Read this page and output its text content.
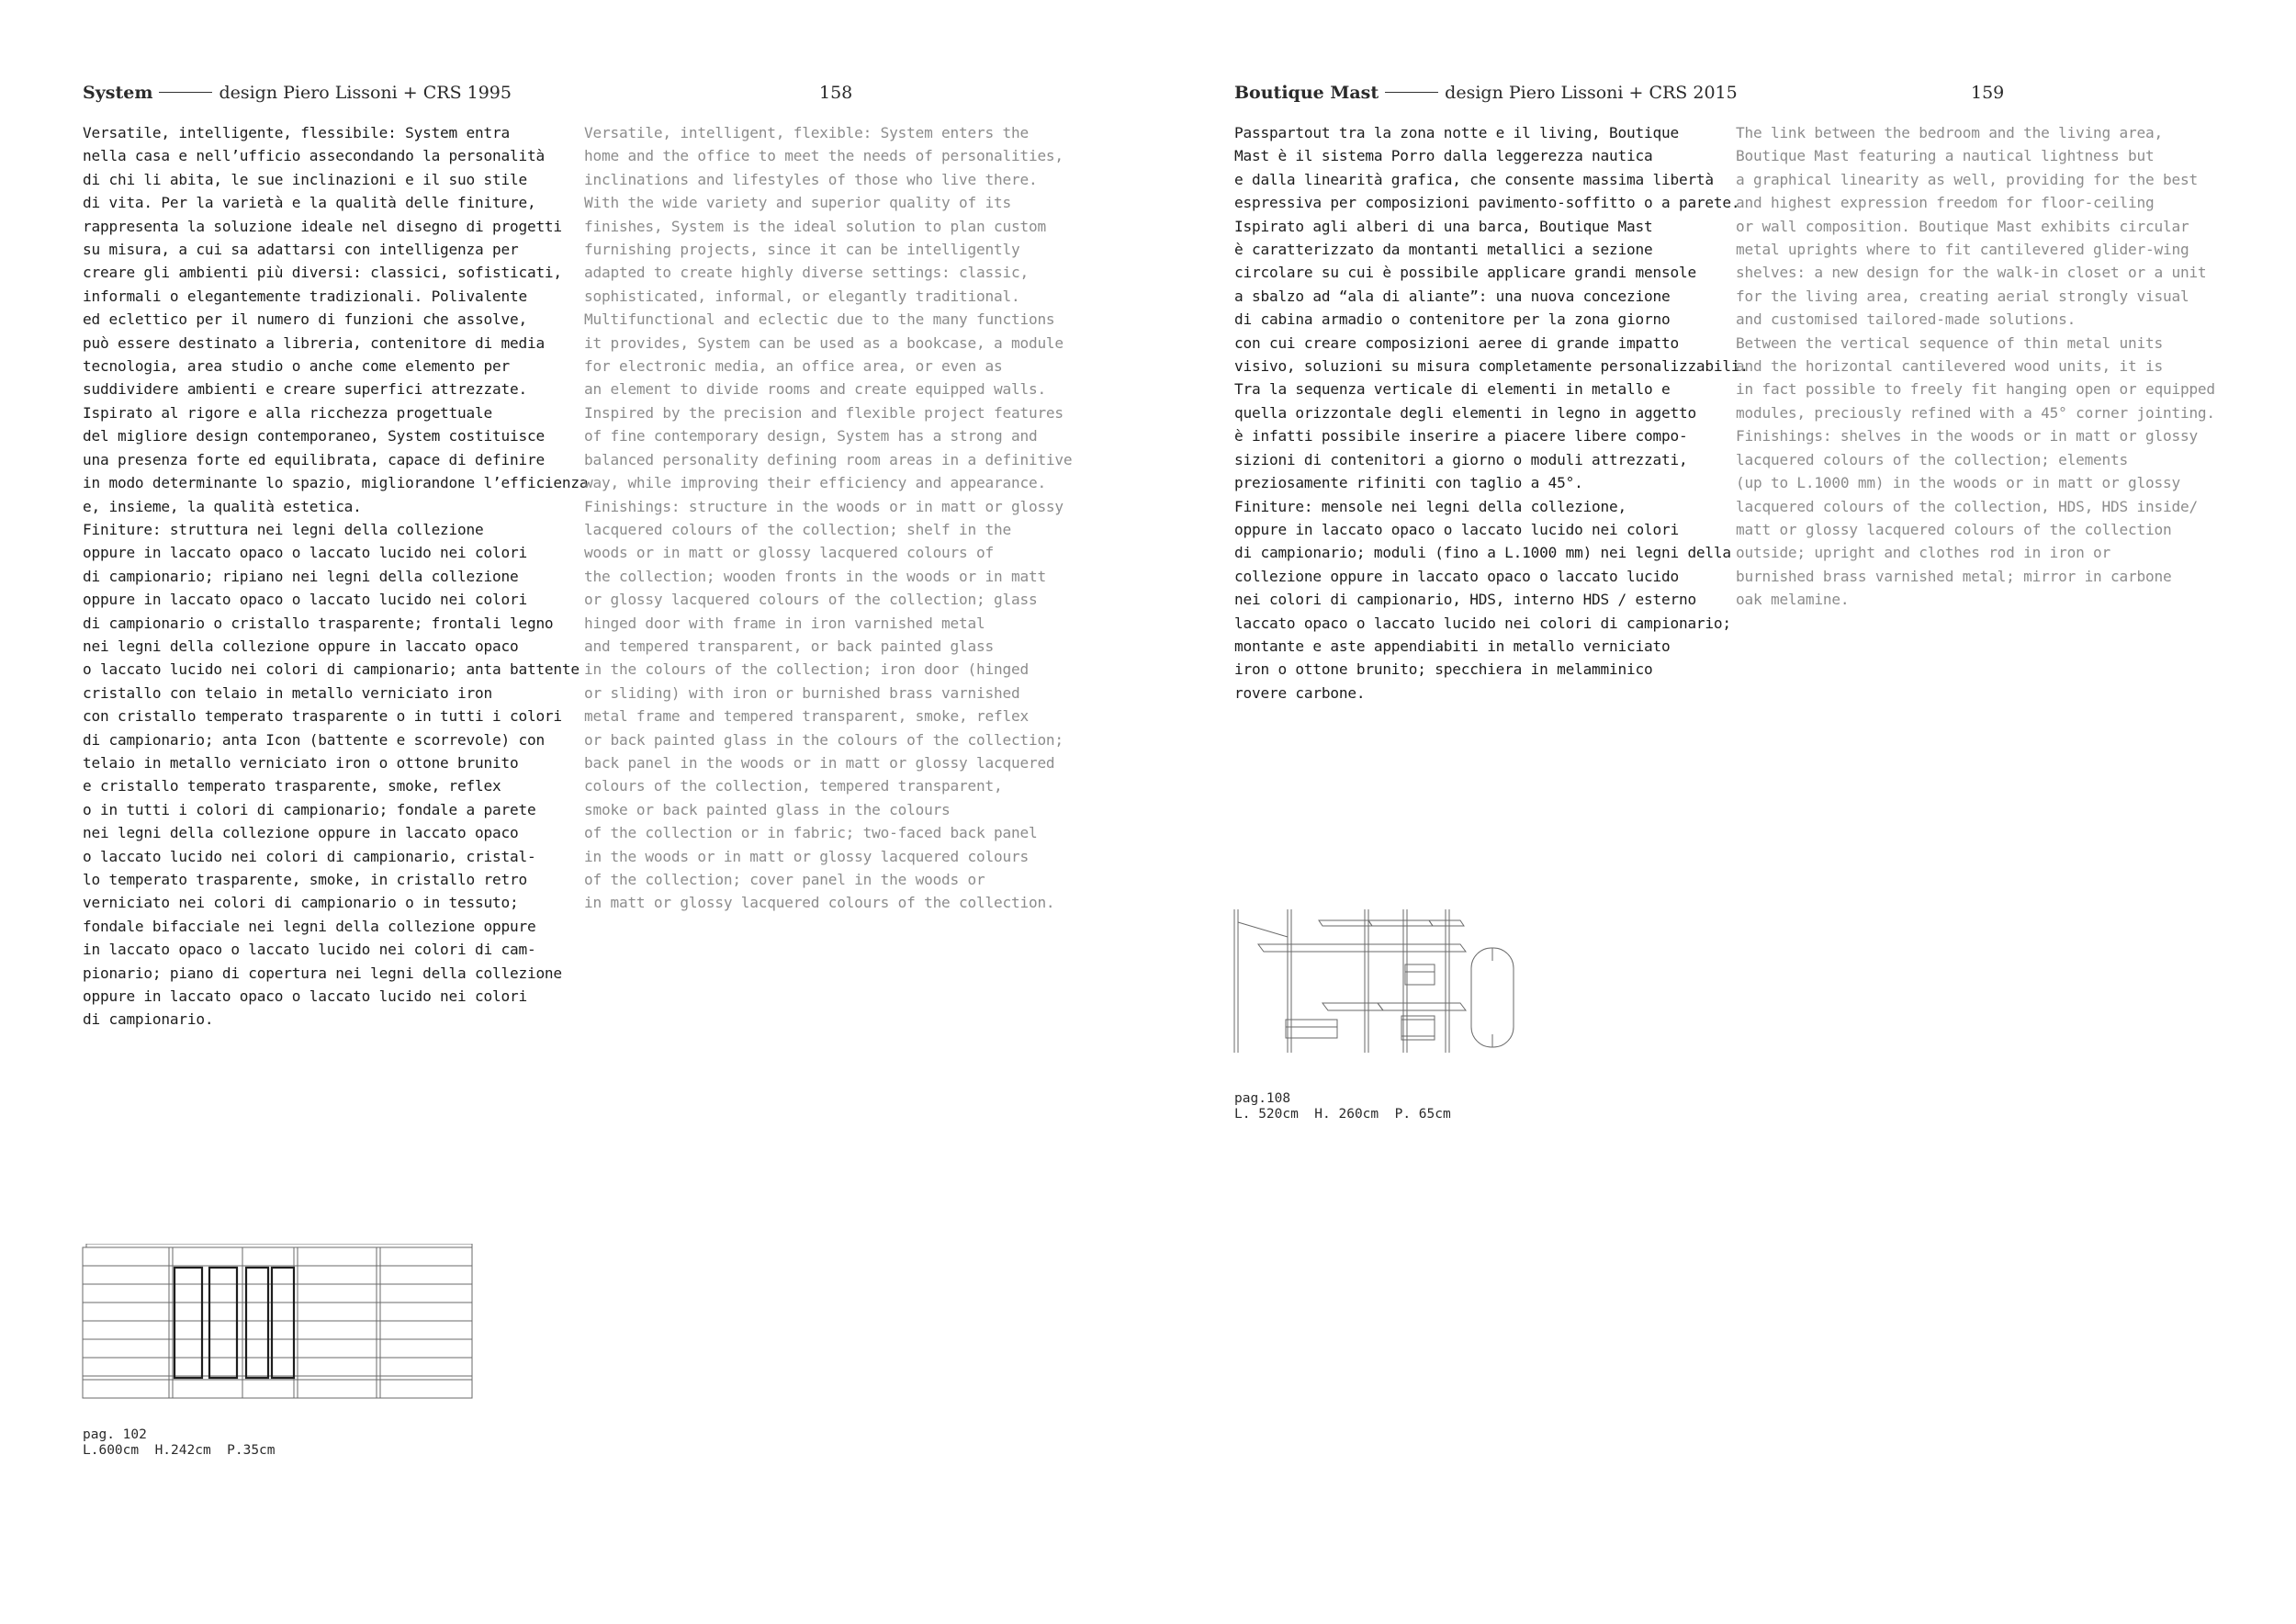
System	design Piero Lissoni + CRS 1995	158
Versatile, intelligente, flessibile: System entra
nella casa e nell’ufficio assecondando la personalità
di chi li abita, le sue inclinazioni e il suo stile
di vita. Per la varietà e la qualità delle finiture,
rappresenta la soluzione ideale nel disegno di progetti
su misura, a cui sa adattarsi con intelligenza per
creare gli ambienti più diversi: classici, sofisticati,
informali o elegantemente tradizionali. Polivalente
ed eclettico per il numero di funzioni che assolve,
può essere destinato a libreria, contenitore di media
tecnologia, area studio o anche come elemento per
suddividere ambienti e creare superfici attrezzate.
Ispirato al rigore e alla ricchezza progettuale
del migliore design contemporaneo, System costituisce
una presenza forte ed equilibrata, capace di definire
in modo determinante lo spazio, migliorandone l’efficienza
e, insieme, la qualità estetica.
Finiture: struttura nei legni della collezione
oppure in laccato opaco o laccato lucido nei colori
di campionario; ripiano nei legni della collezione
oppure in laccato opaco o laccato lucido nei colori
di campionario o cristallo trasparente; frontali legno
nei legni della collezione oppure in laccato opaco
o laccato lucido nei colori di campionario; anta battente
cristallo con telaio in metallo verniciato iron
con cristallo temperato trasparente o in tutti i colori
di campionario; anta Icon (battente e scorrevole) con
telaio in metallo verniciato iron o ottone brunito
e cristallo temperato trasparente, smoke, reflex
o in tutti i colori di campionario; fondale a parete
nei legni della collezione oppure in laccato opaco
o laccato lucido nei colori di campionario, cristal-
lo temperato trasparente, smoke, in cristallo retro
verniciato nei colori di campionario o in tessuto;
fondale bifacciale nei legni della collezione oppure
in laccato opaco o laccato lucido nei colori di cam-
pionario; piano di copertura nei legni della collezione
oppure in laccato opaco o laccato lucido nei colori
di campionario.
Versatile, intelligent, flexible: System enters the
home and the office to meet the needs of personalities,
inclinations and lifestyles of those who live there.
With the wide variety and superior quality of its
finishes, System is the ideal solution to plan custom
furnishing projects, since it can be intelligently
adapted to create highly diverse settings: classic,
sophisticated, informal, or elegantly traditional.
Multifunctional and eclectic due to the many functions
it provides, System can be used as a bookcase, a module
for electronic media, an office area, or even as
an element to divide rooms and create equipped walls.
Inspired by the precision and flexible project features
of fine contemporary design, System has a strong and
balanced personality defining room areas in a definitive
way, while improving their efficiency and appearance.
Finishings: structure in the woods or in matt or glossy
lacquered colours of the collection; shelf in the
woods or in matt or glossy lacquered colours of
the collection; wooden fronts in the woods or in matt
or glossy lacquered colours of the collection; glass
hinged door with frame in iron varnished metal
and tempered transparent, or back painted glass
in the colours of the collection; iron door (hinged
or sliding) with iron or burnished brass varnished
metal frame and tempered transparent, smoke, reflex
or back painted glass in the colours of the collection;
back panel in the woods or in matt or glossy lacquered
colours of the collection, tempered transparent,
smoke or back painted glass in the colours
of the collection or in fabric; two-faced back panel
in the woods or in matt or glossy lacquered colours
of the collection; cover panel in the woods or
in matt or glossy lacquered colours of the collection.
pag. 102
L.600cm  H.242cm  P.35cm
Boutique Mast	design Piero Lissoni + CRS 2015	159
Passpartout tra la zona notte e il living, Boutique
Mast è il sistema Porro dalla leggerezza nautica
e dalla linearità grafica, che consente massima libertà
espressiva per composizioni pavimento-soffitto o a parete.
Ispirato agli alberi di una barca, Boutique Mast
è caratterizzato da montanti metallici a sezione
circolare su cui è possibile applicare grandi mensole
a sbalzo ad “ala di aliante”: una nuova concezione
di cabina armadio o contenitore per la zona giorno
con cui creare composizioni aeree di grande impatto
visivo, soluzioni su misura completamente personalizzabili.
Tra la sequenza verticale di elementi in metallo e
quella orizzontale degli elementi in legno in aggetto
è infatti possibile inserire a piacere libere compo-
sizioni di contenitori a giorno o moduli attrezzati,
preziosamente rifiniti con taglio a 45°.
Finiture: mensole nei legni della collezione,
oppure in laccato opaco o laccato lucido nei colori
di campionario; moduli (fino a L.1000 mm) nei legni della
collezione oppure in laccato opaco o laccato lucido
nei colori di campionario, HDS, interno HDS / esterno
laccato opaco o laccato lucido nei colori di campionario;
montante e aste appendiabiti in metallo verniciato
iron o ottone brunito; specchiera in melamminico
rovere carbone.
The link between the bedroom and the living area,
Boutique Mast featuring a nautical lightness but
a graphical linearity as well, providing for the best
and highest expression freedom for floor-ceiling
or wall composition. Boutique Mast exhibits circular
metal uprights where to fit cantilevered glider-wing
shelves: a new design for the walk-in closet or a unit
for the living area, creating aerial strongly visual
and customised tailored-made solutions.
Between the vertical sequence of thin metal units
and the horizontal cantilevered wood units, it is
in fact possible to freely fit hanging open or equipped
modules, preciously refined with a 45° corner jointing.
Finishings: shelves in the woods or in matt or glossy
lacquered colours of the collection; elements
(up to L.1000 mm) in the woods or in matt or glossy
lacquered colours of the collection, HDS, HDS inside/
matt or glossy lacquered colours of the collection
outside; upright and clothes rod in iron or
burnished brass varnished metal; mirror in carbone
oak melamine.
pag.108
L. 520cm  H. 260cm  P. 65cm
